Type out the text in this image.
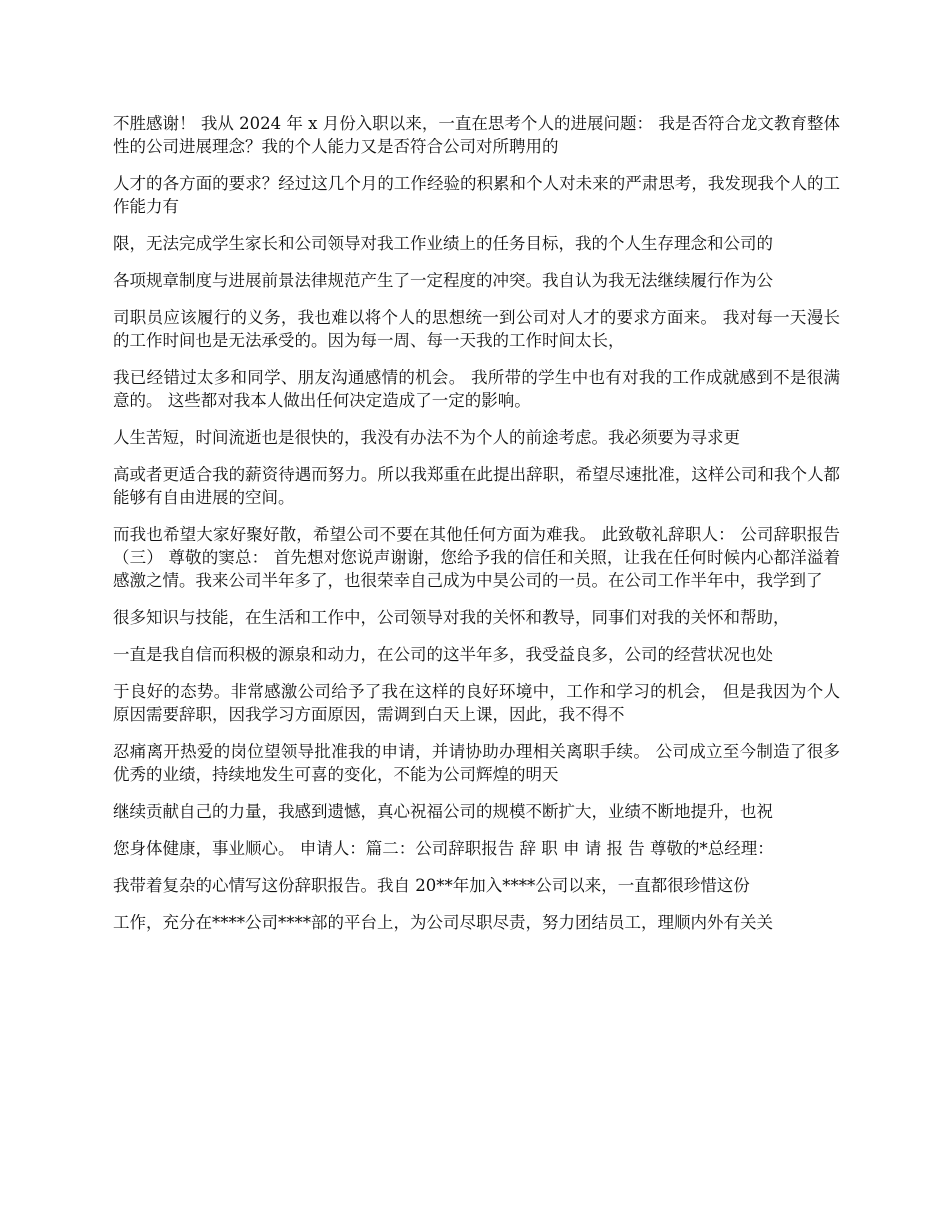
不胜感谢！ 我从 2024 年 x 月份入职以来，一直在思考个人的进展问题： 我是否符合龙文教育整体性的公司进展理念？我的个人能力又是否符合公司对所聘用的

人才的各方面的要求？经过这几个月的工作经验的积累和个人对未来的严肃思考，我发现我个人的工作能力有

限，无法完成学生家长和公司领导对我工作业绩上的任务目标，我的个人生存理念和公司的

各项规章制度与进展前景法律规范产生了一定程度的冲突。我自认为我无法继续履行作为公

司职员应该履行的义务，我也难以将个人的思想统一到公司对人才的要求方面来。 我对每一天漫长的工作时间也是无法承受的。因为每一周、每一天我的工作时间太长，

我已经错过太多和同学、朋友沟通感情的机会。 我所带的学生中也有对我的工作成就感到不是很满意的。 这些都对我本人做出任何决定造成了一定的影响。

人生苦短，时间流逝也是很快的，我没有办法不为个人的前途考虑。我必须要为寻求更

高或者更适合我的薪资待遇而努力。所以我郑重在此提出辞职，希望尽速批准，这样公司和我个人都能够有自由进展的空间。

而我也希望大家好聚好散，希望公司不要在其他任何方面为难我。 此致敬礼辞职人： 公司辞职报告（三） 尊敬的窦总： 首先想对您说声谢谢，您给予我的信任和关照，让我在任何时候内心都洋溢着感激之情。我来公司半年多了，也很荣幸自己成为中昊公司的一员。在公司工作半年中，我学到了

很多知识与技能，在生活和工作中，公司领导对我的关怀和教导，同事们对我的关怀和帮助，

一直是我自信而积极的源泉和动力，在公司的这半年多，我受益良多，公司的经营状况也处

于良好的态势。非常感激公司给予了我在这样的良好环境中，工作和学习的机会， 但是我因为个人原因需要辞职，因我学习方面原因，需调到白天上课，因此，我不得不

忍痛离开热爱的岗位望领导批准我的申请，并请协助办理相关离职手续。 公司成立至今制造了很多优秀的业绩，持续地发生可喜的变化，不能为公司辉煌的明天

继续贡献自己的力量，我感到遗憾，真心祝福公司的规模不断扩大，业绩不断地提升，也祝

您身体健康，事业顺心。 申请人：篇二：公司辞职报告 辞 职 申 请 报 告 尊敬的*总经理：

我带着复杂的心情写这份辞职报告。我自 20**年加入****公司以来，一直都很珍惜这份

工作，充分在****公司****部的平台上，为公司尽职尽责，努力团结员工，理顺内外有关关
